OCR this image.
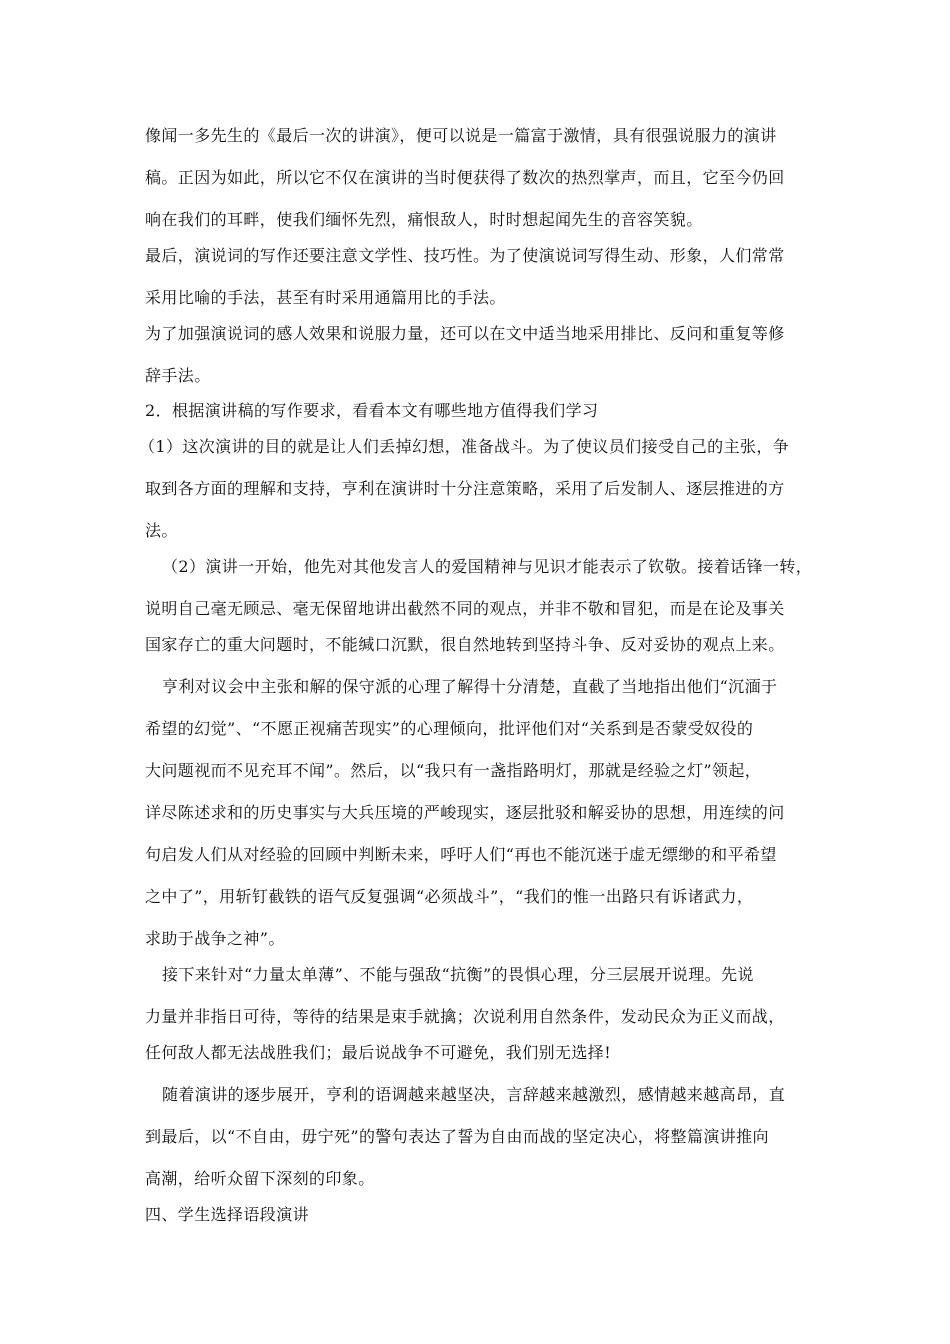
像闻一多先生的《最后一次的讲演》，便可以说是一篇富于激情，具有很强说服力的演讲
稿。正因为如此，所以它不仅在演讲的当时便获得了数次的热烈掌声，而且，它至今仍回
响在我们的耳畔，使我们缅怀先烈，痛恨敌人，时时想起闻先生的音容笑貌。
最后，演说词的写作还要注意文学性、技巧性。为了使演说词写得生动、形象，人们常常
采用比喻的手法，甚至有时采用通篇用比的手法。
为了加强演说词的感人效果和说服力量，还可以在文中适当地采用排比、反问和重复等修
辞手法。
2．根据演讲稿的写作要求，看看本文有哪些地方值得我们学习
（1）这次演讲的目的就是让人们丢掉幻想，准备战斗。为了使议员们接受自己的主张，争
取到各方面的理解和支持，亨利在演讲时十分注意策略，采用了后发制人、逐层推进的方
法。
（2）演讲一开始，他先对其他发言人的爱国精神与见识才能表示了钦敬。接着话锋一转，
说明自己毫无顾忌、毫无保留地讲出截然不同的观点，并非不敬和冒犯，而是在论及事关
国家存亡的重大问题时，不能缄口沉默，很自然地转到坚持斗争、反对妥协的观点上来。
亨利对议会中主张和解的保守派的心理了解得十分清楚，直截了当地指出他们“沉湎于
希望的幻觉”、“不愿正视痛苦现实”的心理倾向，批评他们对“关系到是否蒙受奴役的
大问题视而不见充耳不闻”。然后，以“我只有一盏指路明灯，那就是经验之灯”领起，
详尽陈述求和的历史事实与大兵压境的严峻现实，逐层批驳和解妥协的思想，用连续的问
句启发人们从对经验的回顾中判断未来，呼吁人们“再也不能沉迷于虚无缥缈的和平希望
之中了”，用斩钉截铁的语气反复强调“必须战斗”，“我们的惟一出路只有诉诸武力，
求助于战争之神”。
接下来针对“力量太单薄”、不能与强敌“抗衡”的畏惧心理，分三层展开说理。先说
力量并非指日可待，等待的结果是束手就擒；次说利用自然条件，发动民众为正义而战，
任何敌人都无法战胜我们；最后说战争不可避免，我们别无选择!
随着演讲的逐步展开，亨利的语调越来越坚决，言辞越来越激烈，感情越来越高昂，直
到最后，以“不自由，毋宁死”的警句表达了誓为自由而战的坚定决心，将整篇演讲推向
高潮，给听众留下深刻的印象。
四、学生选择语段演讲
